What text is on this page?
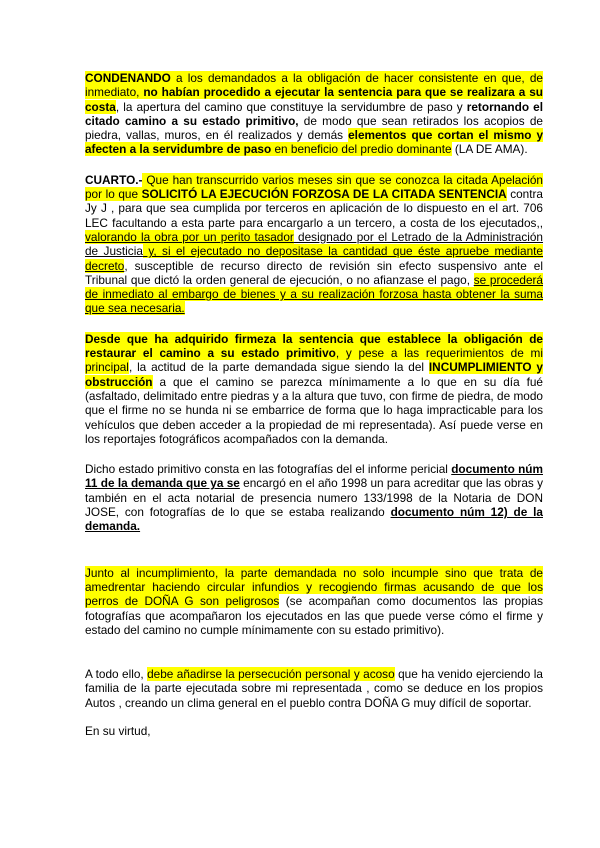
CONDENANDO a los demandados a la obligación de hacer consistente en que, de inmediato, no habían procedido a ejecutar la sentencia para que se realizara a su costa, la apertura del camino que constituye la servidumbre de paso y retornando el citado camino a su estado primitivo, de modo que sean retirados los acopios de piedra, vallas, muros, en él realizados y demás elementos que cortan el mismo y afecten a la servidumbre de paso en beneficio del predio dominante (LA DE AMA).

CUARTO.- Que han transcurrido varios meses sin que se conozca la citada Apelación por lo que SOLICITÓ LA EJECUCIÓN FORZOSA DE LA CITADA SENTENCIA contra Jy J , para que sea cumplida por terceros en aplicación de lo dispuesto en el art. 706 LEC facultando a esta parte para encargarlo a un tercero, a costa de los ejecutados,, valorando la obra por un perito tasador designado por el Letrado de la Administración de Justicia y, si el ejecutado no depositase la cantidad que éste apruebe mediante decreto, susceptible de recurso directo de revisión sin efecto suspensivo ante el Tribunal que dictó la orden general de ejecución, o no afianzase el pago, se procederá de inmediato al embargo de bienes y a su realización forzosa hasta obtener la suma que sea necesaria.

Desde que ha adquirido firmeza la sentencia que establece la obligación de restaurar el camino a su estado primitivo, y pese a las requerimientos de mi principal, la actitud de la parte demandada sigue siendo la del INCUMPLIMIENTO y obstrucción a que el camino se parezca mínimamente a lo que en su día fué (asfaltado, delimitado entre piedras y a la altura que tuvo, con firme de piedra, de modo que el firme no se hunda ni se embarrice de forma que lo haga impracticable para los vehículos que deben acceder a la propiedad de mi representada). Así puede verse en los reportajes fotográficos acompañados con la demanda.

Dicho estado primitivo consta en las fotografías del el informe pericial documento núm 11 de la demanda que ya se encargó en el año 1998 un para acreditar que las obras y también en el acta notarial de presencia numero 133/1998 de la Notaria de DON JOSE, con fotografías de lo que se estaba realizando documento núm 12) de la demanda.

Junto al incumplimiento, la parte demandada no solo incumple sino que trata de amedrentar haciendo circular infundios y recogiendo firmas acusando de que los perros de DOÑA G son peligrosos (se acompañan como documentos las propias fotografías que acompañaron los ejecutados en las que puede verse cómo el firme y estado del camino no cumple mínimamente con su estado primitivo).

A todo ello, debe añadirse la persecución personal y acoso que ha venido ejerciendo la familia de la parte ejecutada sobre mi representada , como se deduce en los propios Autos , creando un clima general en el pueblo contra DOÑA G muy difícil de soportar.

En su virtud,
